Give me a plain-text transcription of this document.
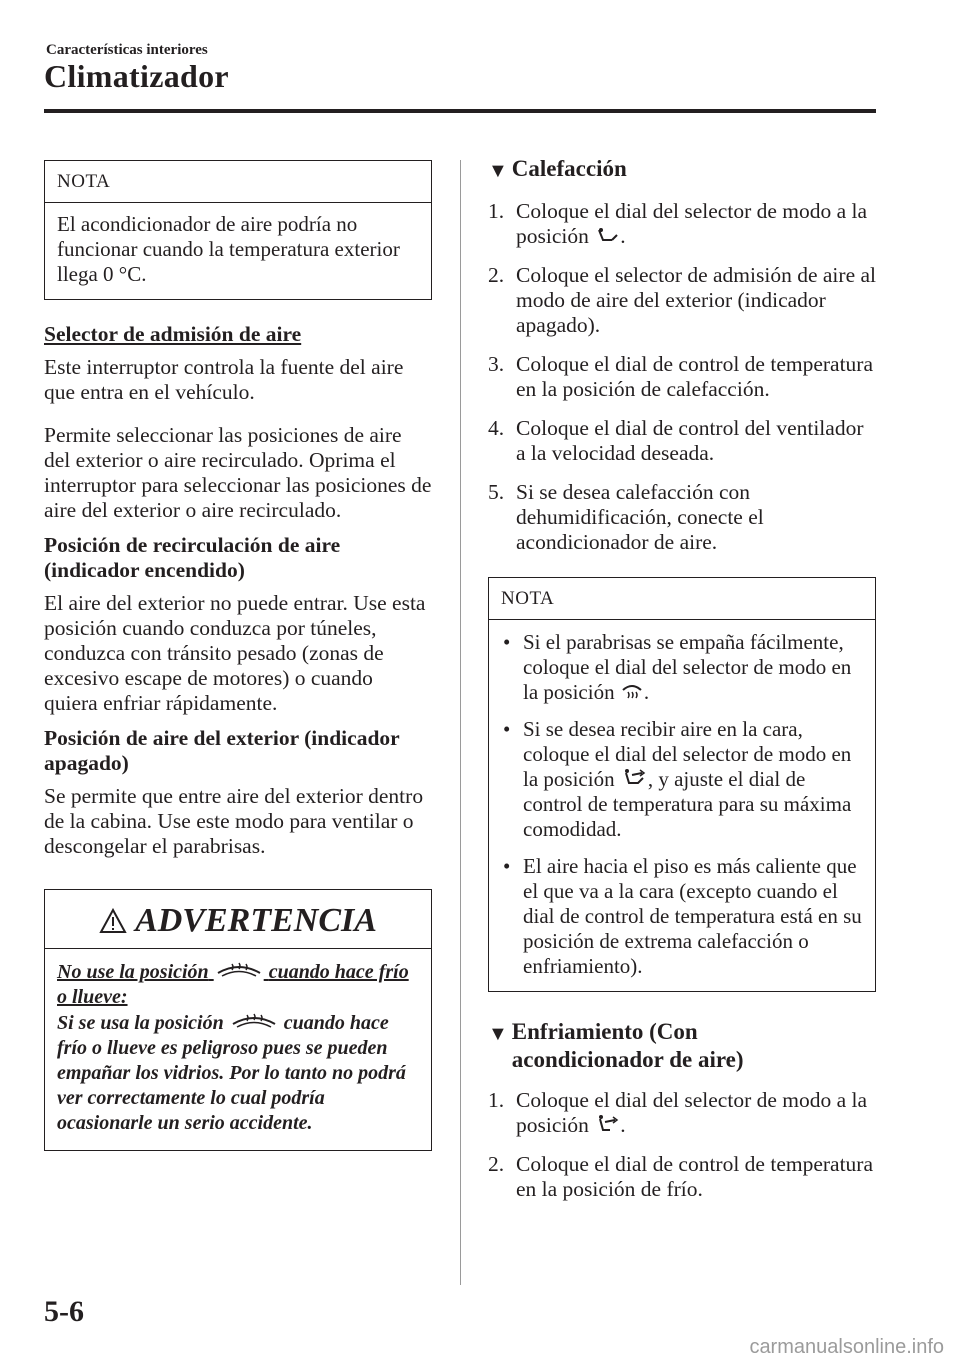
Características interiores
Climatizador
NOTA
El acondicionador de aire podría no funcionar cuando la temperatura exterior llega 0 °C.

Selector de admisión de aire

Este interruptor controla la fuente del aire que entra en el vehículo.

Permite seleccionar las posiciones de aire del exterior o aire recirculado. Oprima el interruptor para seleccionar las posiciones de aire del exterior o aire recirculado.

Posición de recirculación de aire (indicador encendido)

El aire del exterior no puede entrar. Use esta posición cuando conduzca por túneles, conduzca con tránsito pesado (zonas de excesivo escape de motores) o cuando quiera enfriar rápidamente.

Posición de aire del exterior (indicador apagado)

Se permite que entre aire del exterior dentro de la cabina. Use este modo para ventilar o descongelar el parabrisas.

ADVERTENCIA

No use la posición	cuando hace frío o llueve:

Si se usa la posición	cuando hace frío o llueve es peligroso pues se pueden empañar los vidrios. Por lo tanto no podrá ver correctamente lo cual podría ocasionarle un serio accidente.

▼ Calefacción
1. Coloque el dial del selector de modo a la posición .
2. Coloque el selector de admisión de aire al modo de aire del exterior (indicador apagado).
3. Coloque el dial de control de temperatura en la posición de calefacción.
4. Coloque el dial de control del ventilador a la velocidad deseada.
5. Si se desea calefacción con dehumidificación, conecte el acondicionador de aire.
NOTA
• Si el parabrisas se empaña fácilmente, coloque el dial del selector de modo en la posición .
• Si se desea recibir aire en la cara, coloque el dial del selector de modo en la posición , y ajuste el dial de control de temperatura para su máxima comodidad.
• El aire hacia el piso es más caliente que el que va a la cara (excepto cuando el dial de control de temperatura está en su posición de extrema calefacción o enfriamiento).
▼ Enfriamiento (Con
acondicionador de aire)
1. Coloque el dial del selector de modo a la posición .
2. Coloque el dial de control de temperatura en la posición de frío.
5-6
carmanualsonline.info
